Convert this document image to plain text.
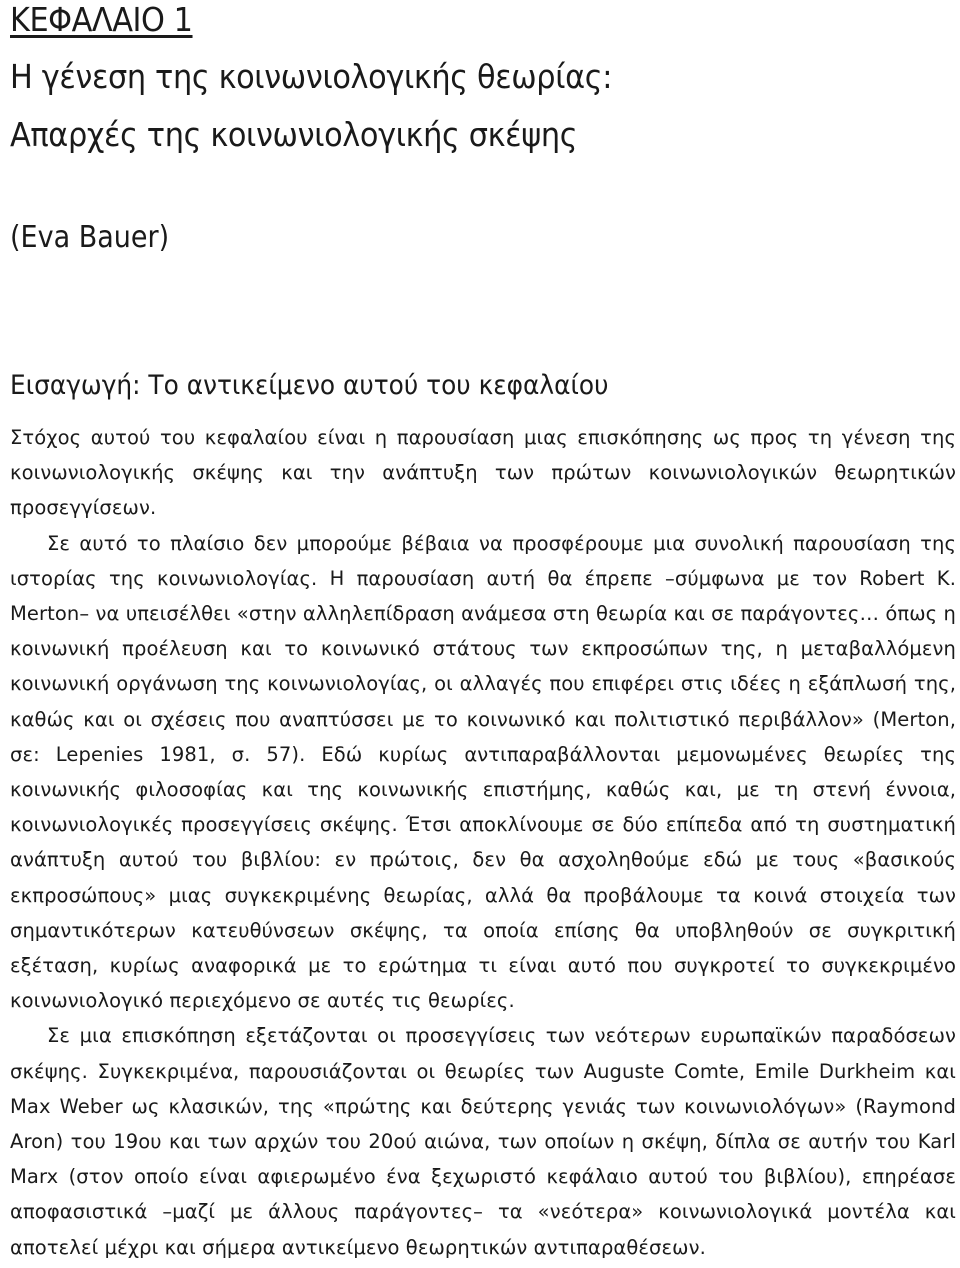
ΚΕΦΑΛΑΙΟ 1
Η γένεση της κοινωνιολογικής θεωρίας:
Απαρχές της κοινωνιολογικής σκέψης
(Eva Bauer)
Εισαγωγή: Το αντικείμενο αυτού του κεφαλαίου

Στόχος αυτού του κεφαλαίου είναι η παρουσίαση μιας επισκόπησης ως προς τη γένεση της κοινωνιολογικής σκέψης και την ανάπτυξη των πρώτων κοινωνιολογικών θεωρητικών προσεγγίσεων.

Σε αυτό το πλαίσιο δεν μπορούμε βέβαια να προσφέρουμε μια συνολική παρουσίαση της ιστορίας της κοινωνιολογίας. Η παρουσίαση αυτή θα έπρεπε –σύμφωνα με τον Robert K. Merton– να υπεισέλθει «στην αλληλεπίδραση ανάμεσα στη θεωρία και σε παράγοντες… όπως η κοινωνική προέλευση και το κοινωνικό στάτους των εκπροσώπων της, η μεταβαλλόμενη κοινωνική οργάνωση της κοινωνιολογίας, οι αλλαγές που επιφέρει στις ιδέες η εξάπλωσή της, καθώς και οι σχέσεις που αναπτύσσει με το κοινωνικό και πολιτιστικό περιβάλλον» (Merton, σε: Lepenies 1981, σ. 57). Εδώ κυρίως αντιπαραβάλλονται μεμονωμένες θεωρίες της κοινωνικής φιλοσοφίας και της κοινωνικής επιστήμης, καθώς και, με τη στενή έννοια, κοινωνιολογικές προσεγγίσεις σκέψης. Έτσι αποκλίνουμε σε δύο επίπεδα από τη συστηματική ανάπτυξη αυτού του βιβλίου: εν πρώτοις, δεν θα ασχοληθούμε εδώ με τους «βασικούς εκπροσώπους» μιας συγκεκριμένης θεωρίας, αλλά θα προβάλουμε τα κοινά στοιχεία των σημαντικότερων κατευθύνσεων σκέψης, τα οποία επίσης θα υποβληθούν σε συγκριτική εξέταση, κυρίως αναφορικά με το ερώτημα τι είναι αυτό που συγκροτεί το συγκεκριμένο κοινωνιολογικό περιεχόμενο σε αυτές τις θεωρίες.

Σε μια επισκόπηση εξετάζονται οι προσεγγίσεις των νεότερων ευρωπαϊκών παραδόσεων σκέψης. Συγκεκριμένα, παρουσιάζονται οι θεωρίες των Auguste Comte, Emile Durkheim και Max Weber ως κλασικών, της «πρώτης και δεύτερης γενιάς των κοινωνιολόγων» (Raymond Aron) του 19ου και των αρχών του 20ού αιώνα, των οποίων η σκέψη, δίπλα σε αυτήν του Karl Marx (στον οποίο είναι αφιερωμένο ένα ξεχωριστό κεφάλαιο αυτού του βιβλίου), επηρέασε αποφασιστικά –μαζί με άλλους παράγοντες– τα «νεότερα» κοινωνιολογικά μοντέλα και αποτελεί μέχρι και σήμερα αντικείμενο θεωρητικών αντιπαραθέσεων.
